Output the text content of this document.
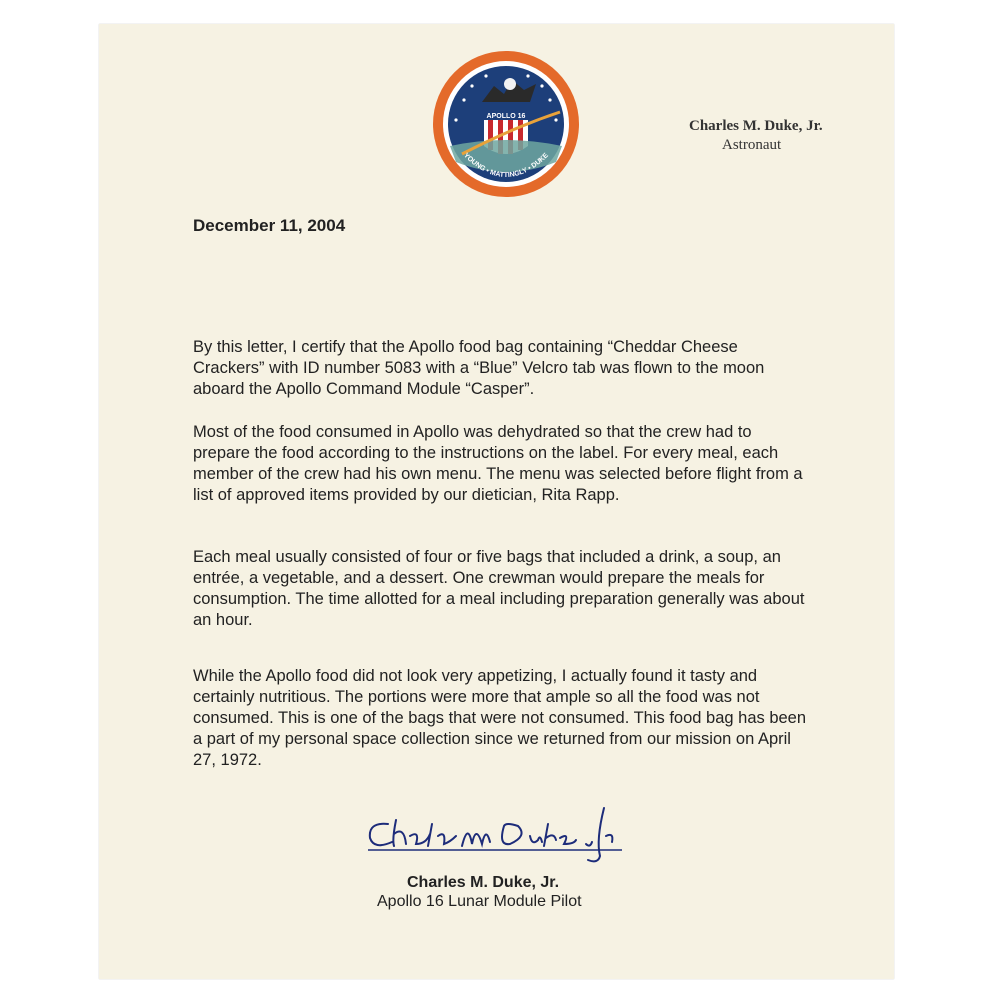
APOLLO 16
YOUNG • MATTINGLY • DUKE
Charles M. Duke, Jr.
Astronaut
December 11, 2004

By this letter, I certify that the Apollo food bag containing “Cheddar Cheese Crackers” with ID number 5083 with a “Blue” Velcro tab was flown to the moon aboard the Apollo Command Module “Casper”.

Most of the food consumed in Apollo was dehydrated so that the crew had to prepare the food according to the instructions on the label. For every meal, each member of the crew had his own menu. The menu was selected before flight from a list of approved items provided by our dietician, Rita Rapp.

Each meal usually consisted of four or five bags that included a drink, a soup, an entrée, a vegetable, and a dessert. One crewman would prepare the meals for consumption. The time allotted for a meal including preparation generally was about an hour.

While the Apollo food did not look very appetizing, I actually found it tasty and certainly nutritious. The portions were more that ample so all the food was not consumed. This is one of the bags that were not consumed. This food bag has been a part of my personal space collection since we returned from our mission on April 27, 1972.

Charles M. Duke, Jr.
Apollo 16 Lunar Module Pilot
